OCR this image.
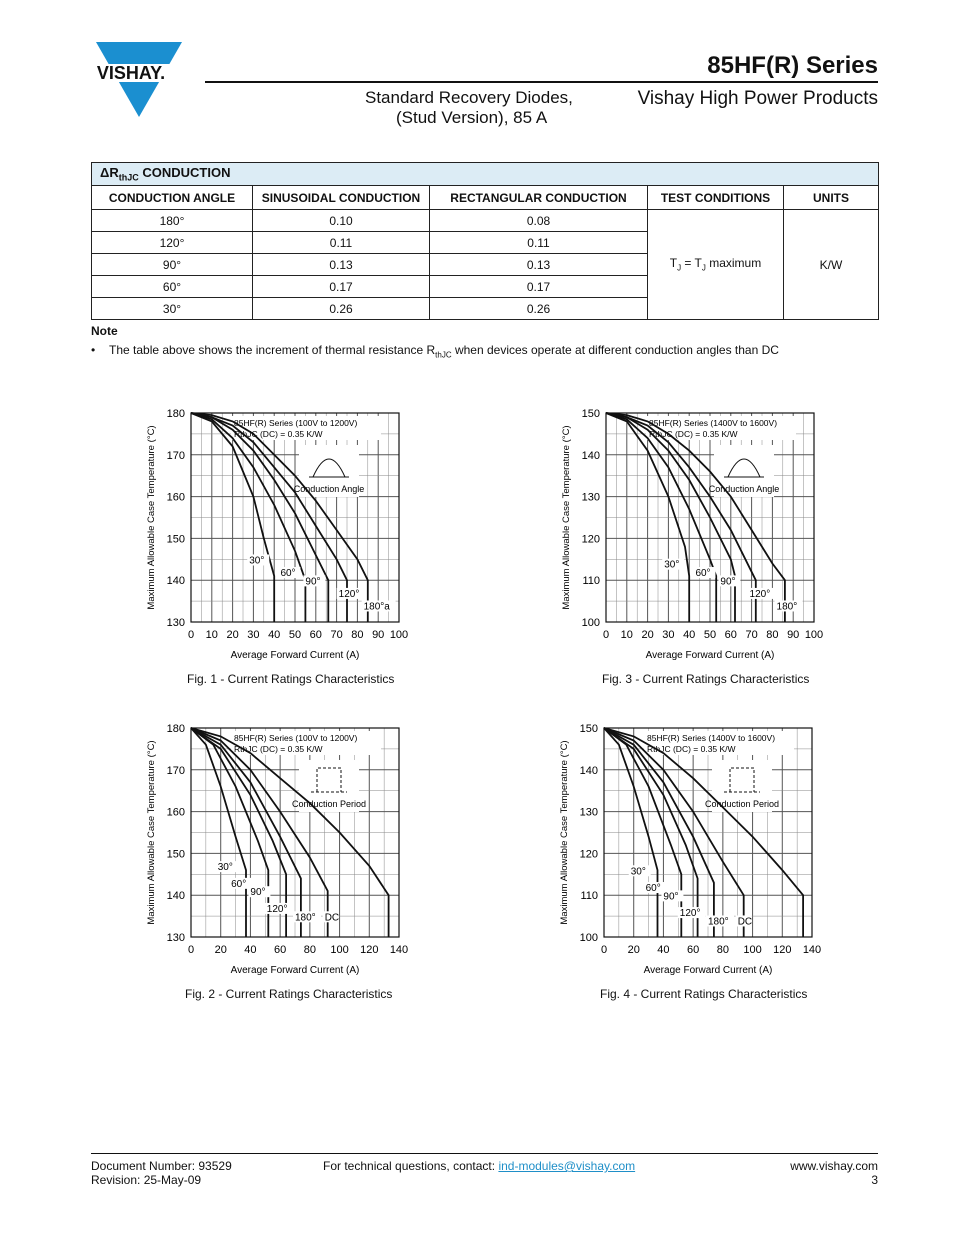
VISHAY.	85HF(R) Series
Standard Recovery Diodes,
(Stud Version), 85 A
Vishay High Power Products
$\Delta R_{thJC}$ CONDUCTION				
CONDUCTION ANGLE	SINUSOIDAL CONDUCTION	RECTANGULAR CONDUCTION	TEST CONDITIONS	UNITS
180°	0.10	0.08	$T_J = T_J$ maximum	K/W
120°	0.11	0.11		
90°	0.13	0.13		
60°	0.17	0.17		
30°	0.26	0.26		
Note
• The table above shows the increment of thermal resistance $R_{thJC}$ when devices operate at different conduction angles than DC
0 10 20 30 40 50 60 70 80 90 100
130
140
150
160
170
180
Average Forward Current (A)
Maximum Allowable Case Temperature (°C)
85HF(R) Series (100V to 1200V)
RthJC (DC) = 0.35 K/W
Conduction Angle
30°
60°
90°
120°
180°a
Fig. 1 - Current Ratings Characteristics
0 10 20 30 40 50 60 70 80 90 100
100
110
120
130
140
150
Average Forward Current (A)
Maximum Allowable Case Temperature (°C)
85HF(R) Series (1400V to 1600V)
RthJC (DC) = 0.35 K/W
Conduction Angle
30°
60°
90°
120°
180°
Fig. 3 - Current Ratings Characteristics
0 20 40 60 80 100 120 140
130
140
150
160
170
180
Average Forward Current (A)
Maximum Allowable Case Temperature (°C)
85HF(R) Series (100V to 1200V)
RthJC (DC) = 0.35 K/W
Conduction Period
30°
60°
90°
120°
180° DC
Fig. 2 - Current Ratings Characteristics
0 20 40 60 80 100 120 140
100
110
120
130
140
150
Average Forward Current (A)
Maximum Allowable Case Temperature (°C)
85HF(R) Series (1400V to 1600V)
RthJC (DC) = 0.35 K/W
Conduction Period
30°
60°
90°
120°
180° DC
Fig. 4 - Current Ratings Characteristics
Document Number: 93529
Revision: 25-May-09
For technical questions, contact: ind-modules@vishay.com	www.vishay.com
3
